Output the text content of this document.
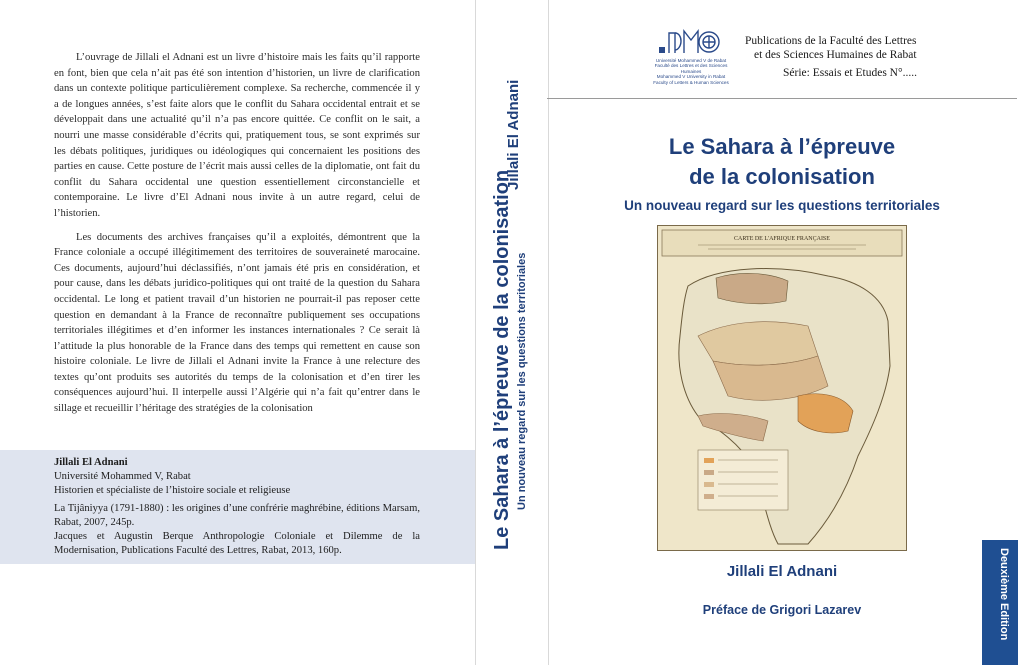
L’ouvrage de Jillali el Adnani est un livre d’histoire mais les faits qu’il rapporte en font, bien que cela n’ait pas été son intention d’historien, un livre de clarification dans un contexte politique particulièrement complexe. Sa recherche, commencée il y a de longues années, s’est faite alors que le conflit du Sahara occidental entrait et se développait dans une actualité qu’il n’a pas encore quittée. Ce conflit on le sait, a nourri une masse considérable d’écrits qui, pratiquement tous, se sont exprimés sur les débats politiques, juridiques ou idéologiques qui concernaient les positions des parties en cause. Cette posture de l’écrit mais aussi celles de la diplomatie, ont fait du conflit du Sahara occidental une question essentiellement circonstancielle et contemporaine. Le livre d’El Adnani nous invite à un autre regard, celui de l’historien.

Les documents des archives françaises qu’il a exploités, démontrent que la France coloniale a occupé illégitimement des territoires de souveraineté marocaine. Ces documents, aujourd’hui déclassifiés, n’ont jamais été pris en considération, et pour cause, dans les débats juridico-politiques qui ont traité de la question du Sahara occidental. Le long et patient travail d’un historien ne pourrait-il pas reposer cette question en demandant à la France de reconnaître publiquement ses occupations territoriales illégitimes et d’en informer les instances internationales ? Ce serait là l’attitude la plus honorable de la France dans des temps qui remettent en cause son histoire coloniale. Le livre de Jillali el Adnani invite la France à une relecture des textes qu’ont produits ses autorités du temps de la colonisation et d’en tirer les conséquences aujourd’hui. Il interpelle aussi l’Algérie qui n’a fait qu’entrer dans le sillage et recueillir l’héritage des stratégies de la colonisation

Jillali El Adnani
Université Mohammed V, Rabat
Historien et spécialiste de l’histoire sociale et religieuse
La Tijâniyya (1791-1880) : les origines d’une confrérie maghrébine, éditions Marsam, Rabat, 2007, 245p.
Jacques et Augustin Berque Anthropologie Coloniale et Dilemme de la Modernisation, Publications Faculté des Lettres, Rabat, 2013, 160p.
Jillali El Adnani
Le Sahara à l’épreuve de la colonisation Un nouveau regard sur les questions territoriales
Université Mohammed V de Rabat
Faculté des Lettres et des Sciences Humaines
Mohammed V University in Rabat
Faculty of Letters & Human Sciences
Publications de la Faculté des Lettres
et des Sciences Humaines de Rabat
Série: Essais et Etudes N°.....
Le Sahara à l’épreuve
de la colonisation
Un nouveau regard sur les questions territoriales
CARTE DE L'AFRIQUE FRANÇAISE
Jillali El Adnani
Préface de Grigori Lazarev	Deuxième Edition
